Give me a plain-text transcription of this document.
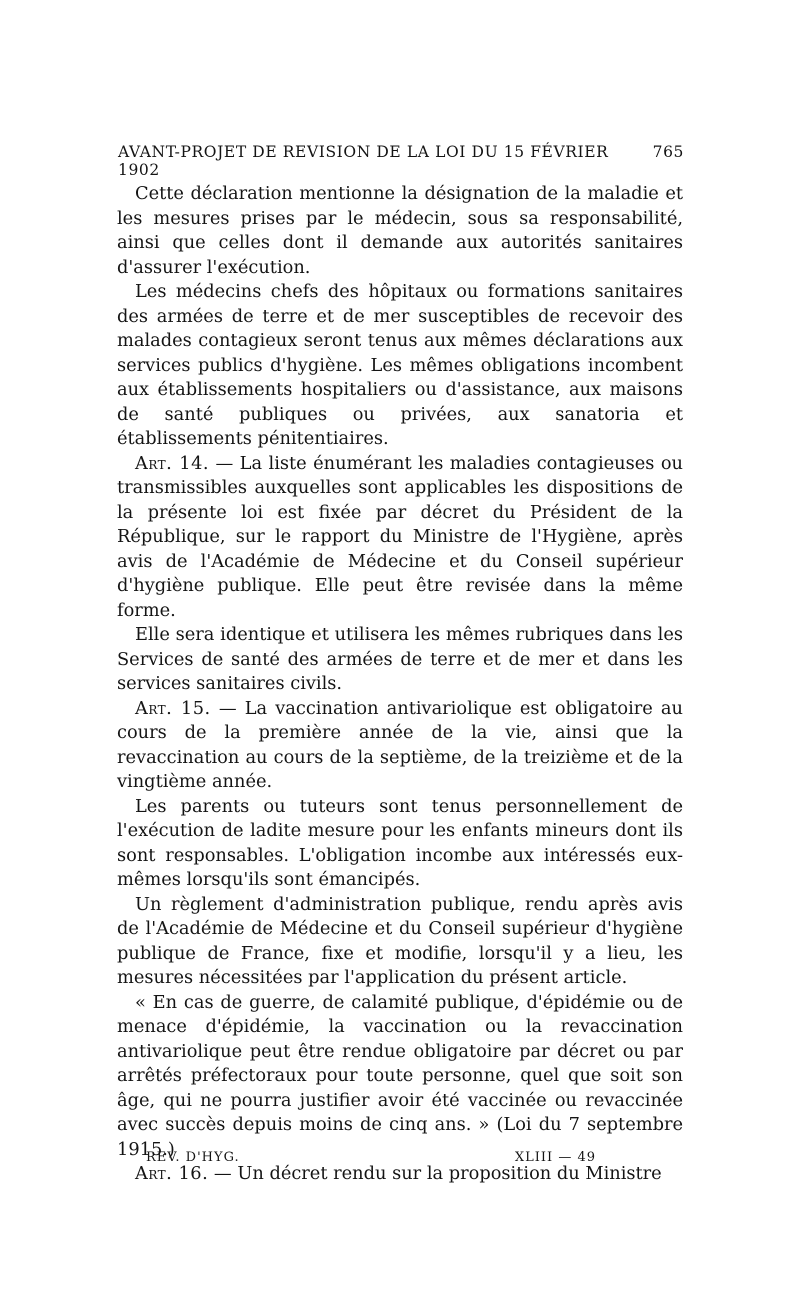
AVANT-PROJET DE REVISION DE LA LOI DU 15 FÉVRIER 1902
765

Cette déclaration mentionne la désignation de la maladie et les mesures prises par le médecin, sous sa responsabilité, ainsi que celles dont il demande aux autorités sanitaires d'assurer l'exécution.

Les médecins chefs des hôpitaux ou formations sanitaires des armées de terre et de mer susceptibles de recevoir des malades contagieux seront tenus aux mêmes déclarations aux services publics d'hygiène. Les mêmes obligations incombent aux établissements hospitaliers ou d'assistance, aux maisons de santé publiques ou privées, aux sanatoria et établissements pénitentiaires.

Art. 14. — La liste énumérant les maladies contagieuses ou transmissibles auxquelles sont applicables les dispositions de la présente loi est fixée par décret du Président de la République, sur le rapport du Ministre de l'Hygiène, après avis de l'Académie de Médecine et du Conseil supérieur d'hygiène publique. Elle peut être revisée dans la même forme.

Elle sera identique et utilisera les mêmes rubriques dans les Services de santé des armées de terre et de mer et dans les services sanitaires civils.

Art. 15. — La vaccination antivariolique est obligatoire au cours de la première année de la vie, ainsi que la revaccination au cours de la septième, de la treizième et de la vingtième année.

Les parents ou tuteurs sont tenus personnellement de l'exécution de ladite mesure pour les enfants mineurs dont ils sont responsables. L'obligation incombe aux intéressés eux-mêmes lorsqu'ils sont émancipés.

Un règlement d'administration publique, rendu après avis de l'Académie de Médecine et du Conseil supérieur d'hygiène publique de France, fixe et modifie, lorsqu'il y a lieu, les mesures nécessitées par l'application du présent article.

« En cas de guerre, de calamité publique, d'épidémie ou de menace d'épidémie, la vaccination ou la revaccination antivariolique peut être rendue obligatoire par décret ou par arrêtés préfectoraux pour toute personne, quel que soit son âge, qui ne pourra justifier avoir été vaccinée ou revaccinée avec succès depuis moins de cinq ans. » (Loi du 7 septembre 1915.)

Art. 16. — Un décret rendu sur la proposition du Ministre

REV. D'HYG.	XLIII — 49
